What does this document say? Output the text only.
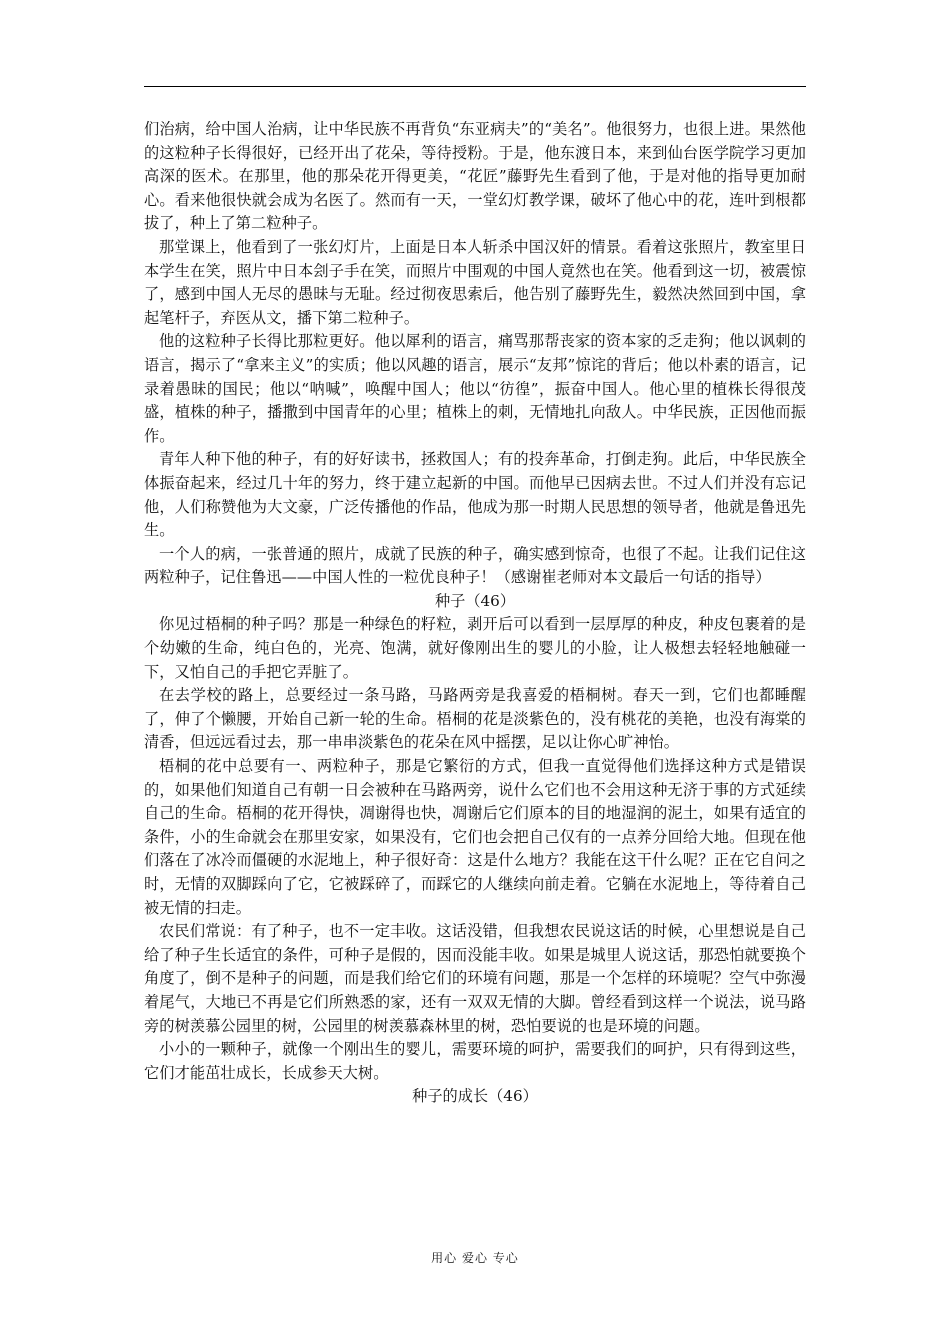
们治病，给中国人治病，让中华民族不再背负“东亚病夫”的“美名”。他很努力，也很上进。果然他的这粒种子长得很好，已经开出了花朵，等待授粉。于是，他东渡日本，来到仙台医学院学习更加高深的医术。在那里，他的那朵花开得更美，“花匠”藤野先生看到了他，于是对他的指导更加耐心。看来他很快就会成为名医了。然而有一天，一堂幻灯教学课，破坏了他心中的花，连叶到根都拔了，种上了第二粒种子。

那堂课上，他看到了一张幻灯片，上面是日本人斩杀中国汉奸的情景。看着这张照片，教室里日本学生在笑，照片中日本刽子手在笑，而照片中围观的中国人竟然也在笑。他看到这一切，被震惊了，感到中国人无尽的愚昧与无耻。经过彻夜思索后，他告别了藤野先生，毅然决然回到中国，拿起笔杆子，弃医从文，播下第二粒种子。

他的这粒种子长得比那粒更好。他以犀利的语言，痛骂那帮丧家的资本家的乏走狗；他以讽刺的语言，揭示了“拿来主义”的实质；他以风趣的语言，展示“友邦”惊诧的背后；他以朴素的语言，记录着愚昧的国民；他以“呐喊”，唤醒中国人；他以“彷徨”，振奋中国人。他心里的植株长得很茂盛，植株的种子，播撒到中国青年的心里；植株上的刺，无情地扎向敌人。中华民族，正因他而振作。

青年人种下他的种子，有的好好读书，拯救国人；有的投奔革命，打倒走狗。此后，中华民族全体振奋起来，经过几十年的努力，终于建立起新的中国。而他早已因病去世。不过人们并没有忘记他，人们称赞他为大文豪，广泛传播他的作品，他成为那一时期人民思想的领导者，他就是鲁迅先生。

一个人的病，一张普通的照片，成就了民族的种子，确实感到惊奇，也很了不起。让我们记住这两粒种子，记住鲁迅——中国人性的一粒优良种子！（感谢崔老师对本文最后一句话的指导）

种子（46）

你见过梧桐的种子吗？那是一种绿色的籽粒，剥开后可以看到一层厚厚的种皮，种皮包裹着的是个幼嫩的生命，纯白色的，光亮、饱满，就好像刚出生的婴儿的小脸，让人极想去轻轻地触碰一下，又怕自己的手把它弄脏了。

在去学校的路上，总要经过一条马路，马路两旁是我喜爱的梧桐树。春天一到，它们也都睡醒了，伸了个懒腰，开始自己新一轮的生命。梧桐的花是淡紫色的，没有桃花的美艳，也没有海棠的清香，但远远看过去，那一串串淡紫色的花朵在风中摇摆，足以让你心旷神怡。

梧桐的花中总要有一、两粒种子，那是它繁衍的方式，但我一直觉得他们选择这种方式是错误的，如果他们知道自己有朝一日会被种在马路两旁，说什么它们也不会用这种无济于事的方式延续自己的生命。梧桐的花开得快，凋谢得也快，凋谢后它们原本的目的地湿润的泥土，如果有适宜的条件，小的生命就会在那里安家，如果没有，它们也会把自己仅有的一点养分回给大地。但现在他们落在了冰冷而僵硬的水泥地上，种子很好奇：这是什么地方？我能在这干什么呢？正在它自问之时，无情的双脚踩向了它，它被踩碎了，而踩它的人继续向前走着。它躺在水泥地上，等待着自己被无情的扫走。

农民们常说：有了种子，也不一定丰收。这话没错，但我想农民说这话的时候，心里想说是自己给了种子生长适宜的条件，可种子是假的，因而没能丰收。如果是城里人说这话，那恐怕就要换个角度了，倒不是种子的问题，而是我们给它们的环境有问题，那是一个怎样的环境呢？空气中弥漫着尾气，大地已不再是它们所熟悉的家，还有一双双无情的大脚。曾经看到这样一个说法，说马路旁的树羡慕公园里的树，公园里的树羡慕森林里的树，恐怕要说的也是环境的问题。

小小的一颗种子，就像一个刚出生的婴儿，需要环境的呵护，需要我们的呵护，只有得到这些，它们才能茁壮成长，长成参天大树。

种子的成长（46）
用心 爱心 专心
